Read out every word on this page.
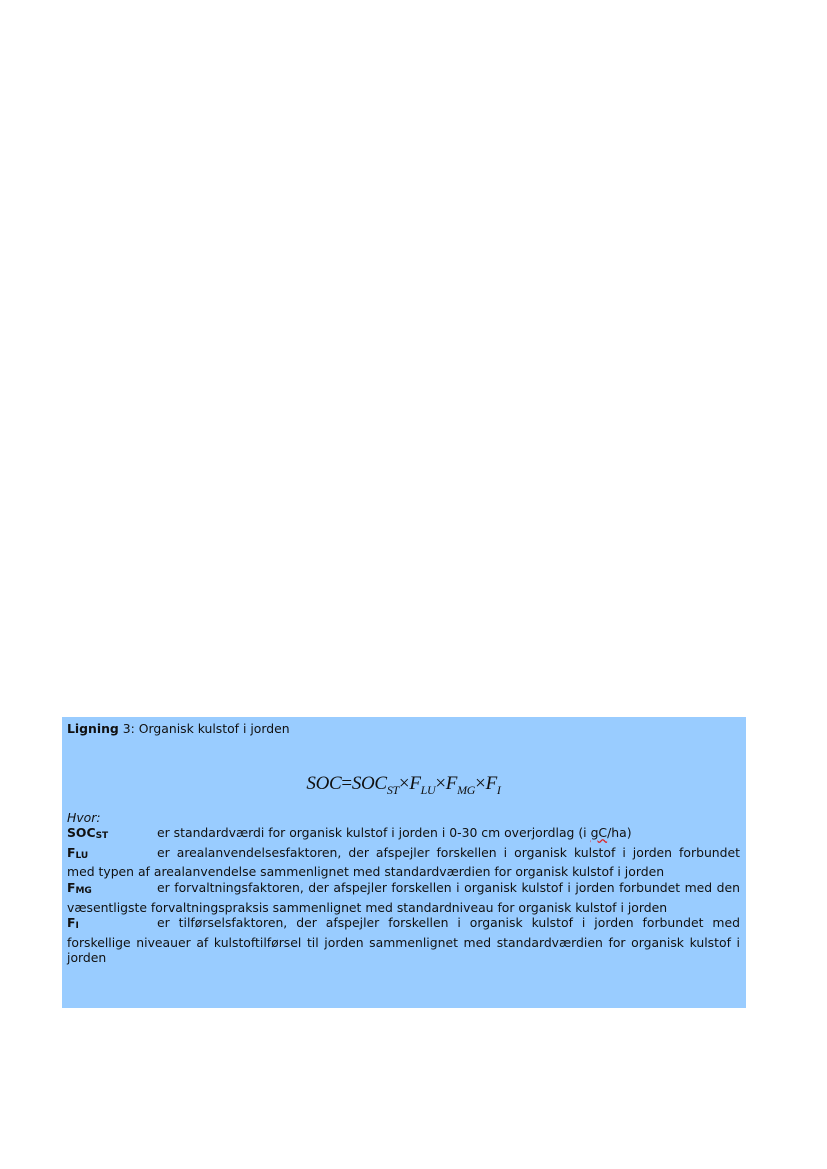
Ligning 3: Organisk kulstof i jorden

$SOC=SOC_{ST}\times F_{LU}\times F_{MG}\times F_I$

Hvor:

$SOC_{ST}$	er standardværdi for organisk kulstof i jorden i 0-30 cm overjordlag (i gC/ha)

$F_{LU}$	er arealanvendelsesfaktoren, der afspejler forskellen i organisk kulstof i jorden forbundet med typen af arealanvendelse sammenlignet med standardværdien for organisk kulstof i jorden

$F_{MG}$	er forvaltningsfaktoren, der afspejler forskellen i organisk kulstof i jorden forbundet med den væsentligste forvaltningspraksis sammenlignet med standardniveau for organisk kulstof i jorden

$F_I$	er tilførselsfaktoren, der afspejler forskellen i organisk kulstof i jorden forbundet med forskellige niveauer af kulstoftilførsel til jorden sammenlignet med standardværdien for organisk kulstof i jorden
